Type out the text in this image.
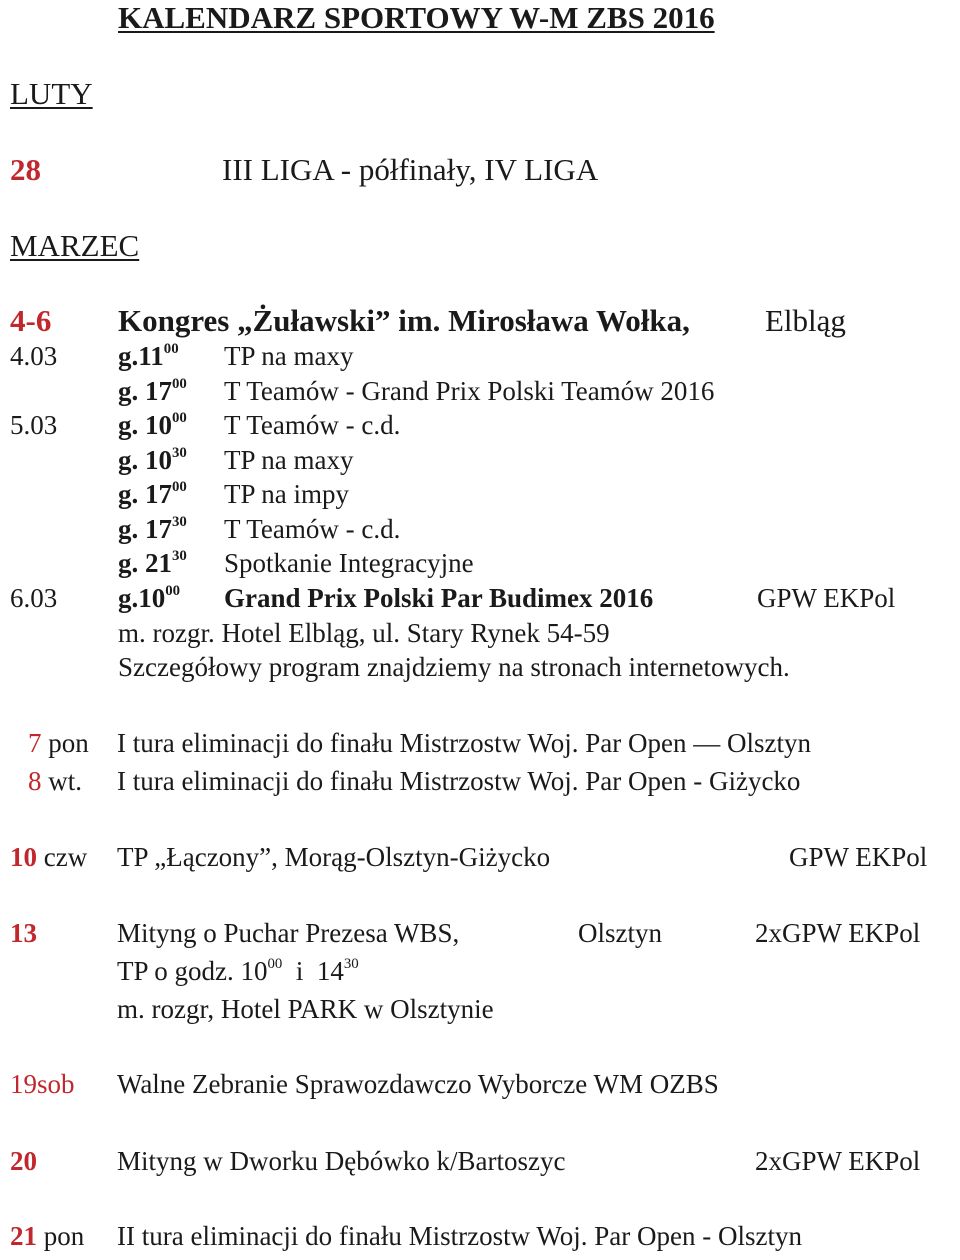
KALENDARZ SPORTOWY W-M ZBS 2016
LUTY
28	III LIGA - półfinały, IV LIGA
MARZEC
4-6 Kongres „Żuławski” im. Mirosława Wołka, Elbląg
4.03 $g.11^{00}$ TP na maxy
g. $17^{00}$ T Teamów - Grand Prix Polski Teamów 2016
5.03 g. $10^{00}$ T Teamów - c.d.
g. $10^{30}$ TP na maxy
g. $17^{00}$ TP na impy
g. $17^{30}$ T Teamów - c.d.
g. $21^{30}$ Spotkanie Integracyjne
6.03 $g.10^{00}$ Grand Prix Polski Par Budimex 2016	GPW EKPol
m. rozgr. Hotel Elbląg, ul. Stary Rynek 54-59
Szczegółowy program znajdziemy na stronach internetowych.
7 pon I tura eliminacji do finału Mistrzostw Woj. Par Open — Olsztyn
8 wt. I tura eliminacji do finału Mistrzostw Woj. Par Open - Giżycko
10 czw TP „Łączony”, Morąg-Olsztyn-Giżycko	GPW EKPol
13	Mityng o Puchar Prezesa WBS,	Olsztyn	2xGPW EKPol
TP o godz. $10^{00}$  i  $14^{30}$
m. rozgr, Hotel PARK w Olsztynie
19sob Walne Zebranie Sprawozdawczo Wyborcze WM OZBS
20	Mityng w Dworku Dębówko k/Bartoszyc	2xGPW EKPol
21 pon II tura eliminacji do finału Mistrzostw Woj. Par Open - Olsztyn
